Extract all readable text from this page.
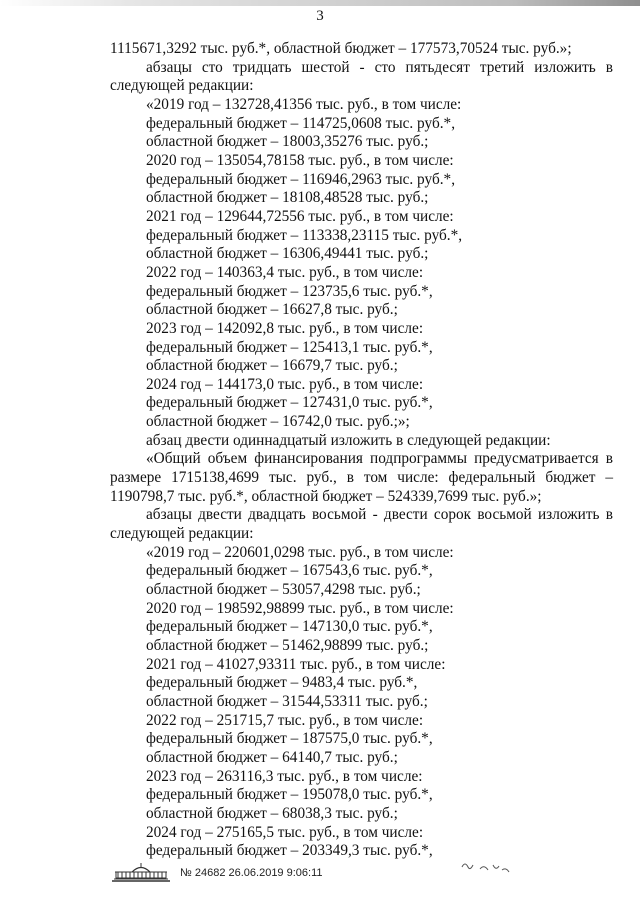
3
1115671,3292 тыс. руб.*, областной бюджет – 177573,70524 тыс. руб.»;
абзацы сто тридцать шестой - сто пятьдесят третий изложить в
следующей редакции:
«2019 год – 132728,41356 тыс. руб., в том числе:
федеральный бюджет – 114725,0608 тыс. руб.*,
областной бюджет – 18003,35276 тыс. руб.;
2020 год – 135054,78158 тыс. руб., в том числе:
федеральный бюджет – 116946,2963 тыс. руб.*,
областной бюджет – 18108,48528 тыс. руб.;
2021 год – 129644,72556 тыс. руб., в том числе:
федеральный бюджет – 113338,23115 тыс. руб.*,
областной бюджет – 16306,49441 тыс. руб.;
2022 год – 140363,4 тыс. руб., в том числе:
федеральный бюджет – 123735,6 тыс. руб.*,
областной бюджет – 16627,8 тыс. руб.;
2023 год – 142092,8 тыс. руб., в том числе:
федеральный бюджет – 125413,1 тыс. руб.*,
областной бюджет – 16679,7 тыс. руб.;
2024 год – 144173,0 тыс. руб., в том числе:
федеральный бюджет – 127431,0 тыс. руб.*,
областной бюджет – 16742,0 тыс. руб.;»;
абзац двести одиннадцатый изложить в следующей редакции:
«Общий объем финансирования подпрограммы предусматривается в
размере 1715138,4699 тыс. руб., в том числе: федеральный бюджет –
1190798,7 тыс. руб.*, областной бюджет – 524339,7699 тыс. руб.»;
абзацы двести двадцать восьмой - двести сорок восьмой изложить в
следующей редакции:
«2019 год – 220601,0298 тыс. руб., в том числе:
федеральный бюджет – 167543,6 тыс. руб.*,
областной бюджет – 53057,4298 тыс. руб.;
2020 год – 198592,98899 тыс. руб., в том числе:
федеральный бюджет – 147130,0 тыс. руб.*,
областной бюджет – 51462,98899 тыс. руб.;
2021 год – 41027,93311 тыс. руб., в том числе:
федеральный бюджет – 9483,4 тыс. руб.*,
областной бюджет – 31544,53311 тыс. руб.;
2022 год – 251715,7 тыс. руб., в том числе:
федеральный бюджет – 187575,0 тыс. руб.*,
областной бюджет – 64140,7 тыс. руб.;
2023 год – 263116,3 тыс. руб., в том числе:
федеральный бюджет – 195078,0 тыс. руб.*,
областной бюджет – 68038,3 тыс. руб.;
2024 год – 275165,5 тыс. руб., в том числе:
федеральный бюджет – 203349,3 тыс. руб.*,
№ 24682 26.06.2019 9:06:11
